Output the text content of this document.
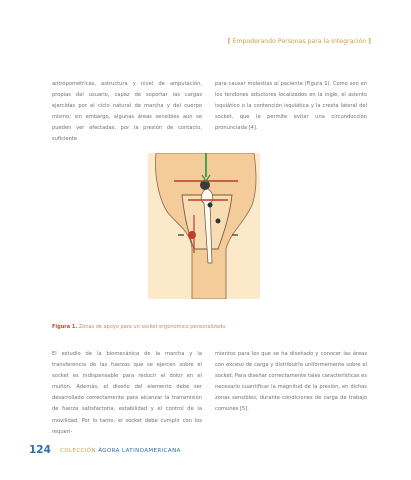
[ Empoderando Personas para la Integración ]

antropométricas, estructura y nivel de amputación, propias del usuario, capaz de soportar las cargas ejercidas por el ciclo natural de marcha y del cuerpo mismo; sin embargo, algunas áreas sensibles aún se pueden ver afectadas, por la presión de contacto, suficiente

para causar molestias al paciente (Figura 1). Como son en los tendones aductores localizados en la ingle, el asiento isquiático o la contención isquiática y la cresta lateral del socket, que le permite evitar una circunducción pronunciada [4].

Figura 1. Zonas de apoyo para un socket ergonómico personalizado.

El estudio de la biomecánica de la marcha y la transferencia de las fuerzas que se ejercen sobre el socket es indispensable para reducir el dolor en el muñón. Además, el diseño del elemento debe ser desarrollado correctamente para alcanzar la transmisión de fuerza satisfactoria, estabilidad y el control de la movilidad. Por lo tanto, el socket debe cumplir con los requeri-

mientos para los que se ha diseñado y conocer las áreas con exceso de carga y distribuirla uniformemente sobre el socket. Para diseñar correctamente tales características es necesario cuantificar la magnitud de la presión, en dichas zonas sensibles, durante condiciones de carga de trabajo comunes [5].

124 COLECCIÓN ÁGORA LATINOAMERICANA
